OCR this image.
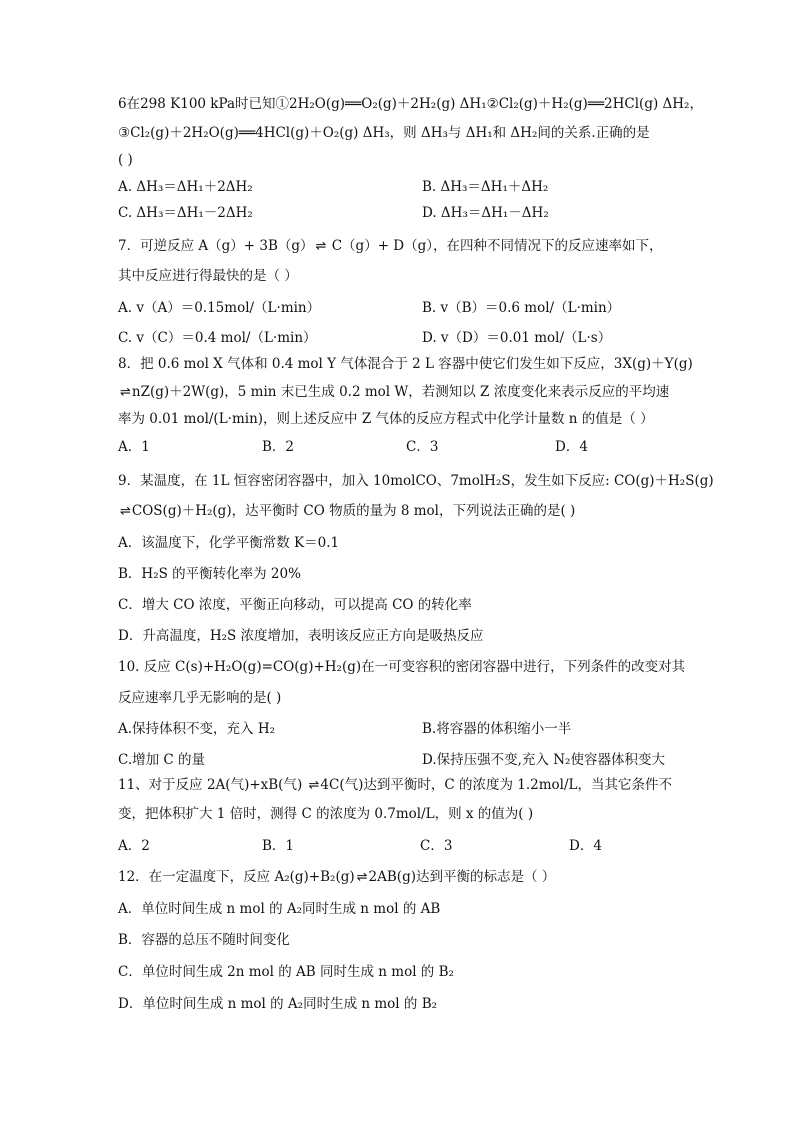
6在298 K100 kPa时已知①2H₂O(g)══O₂(g)＋2H₂(g) ΔH₁②Cl₂(g)＋H₂(g)══2HCl(g) ΔH₂，
③Cl₂(g)＋2H₂O(g)══4HCl(g)＋O₂(g) ΔH₃，则 ΔH₃与 ΔH₁和 ΔH₂间的关系.正确的是
( )
A. ΔH₃＝ΔH₁＋2ΔH₂	B. ΔH₃＝ΔH₁＋ΔH₂
C. ΔH₃＝ΔH₁－2ΔH₂	D. ΔH₃＝ΔH₁－ΔH₂
7．可逆反应 A（g）+ 3B（g） ⇌ C（g）+ D（g），在四种不同情况下的反应速率如下，
其中反应进行得最快的是（ ）
A. v（A）＝0.15mol/（L·min）	B. v（B）＝0.6 mol/（L·min）
C. v（C）＝0.4 mol/（L·min）	D. v（D）＝0.01 mol/（L·s）
8．把 0.6 mol X 气体和 0.4 mol Y 气体混合于 2 L 容器中使它们发生如下反应，3X(g)＋Y(g)
⇌ nZ(g)＋2W(g)，5 min 末已生成 0.2 mol W，若测知以 Z 浓度变化来表示反应的平均速
率为 0.01 mol/(L·min)，则上述反应中 Z 气体的反应方程式中化学计量数 n 的值是（ ）
A．1	B．2	C．3	D．4
9．某温度，在 1L 恒容密闭容器中，加入 10molCO、7molH₂S，发生如下反应: CO(g)＋H₂S(g)
⇌ COS(g)＋H₂(g)，达平衡时 CO 物质的量为 8 mol，下列说法正确的是( )
A．该温度下，化学平衡常数 K＝0.1
B．H₂S 的平衡转化率为 20%
C．增大 CO 浓度，平衡正向移动，可以提高 CO 的转化率
D．升高温度，H₂S 浓度增加，表明该反应正方向是吸热反应
10. 反应 C(s)+H₂O(g)=CO(g)+H₂(g)在一可变容积的密闭容器中进行，下列条件的改变对其
反应速率几乎无影响的是( )
A.保持体积不变，充入 H₂	B.将容器的体积缩小一半
C.增加 C 的量	D.保持压强不变,充入 N₂使容器体积变大
11、对于反应 2A(气)+xB(气) ⇌ 4C(气)达到平衡时，C 的浓度为 1.2mol/L，当其它条件不
变，把体积扩大 1 倍时，测得 C 的浓度为 0.7mol/L，则 x 的值为( )
A．2	B．1	C．3	D．4
12．在一定温度下，反应 A₂(g)+B₂(g) ⇌ 2AB(g)达到平衡的标志是（ ）
A．单位时间生成 n mol 的 A₂同时生成 n mol 的 AB
B．容器的总压不随时间变化
C．单位时间生成 2n mol 的 AB 同时生成 n mol 的 B₂
D．单位时间生成 n mol 的 A₂同时生成 n mol 的 B₂
